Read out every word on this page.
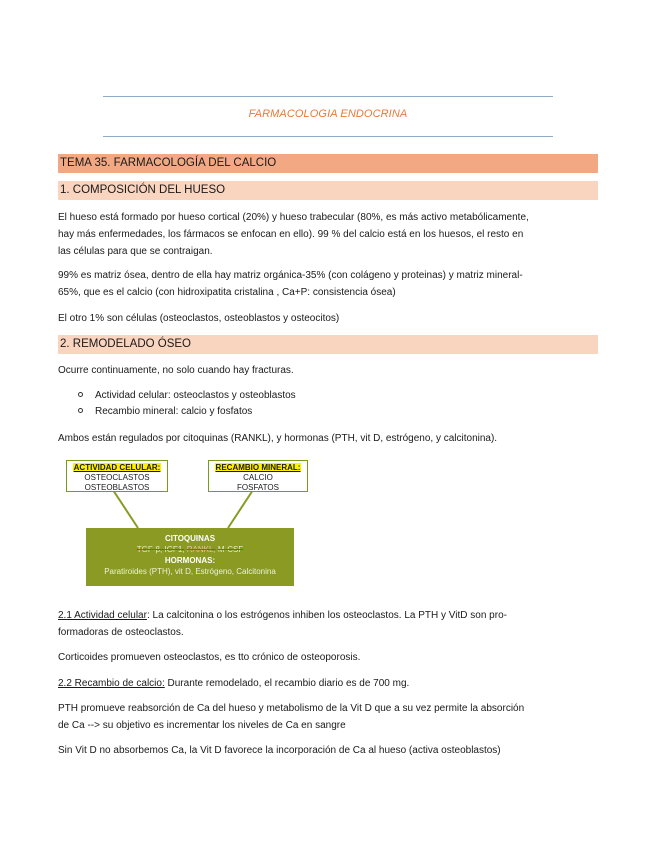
FARMACOLOGIA ENDOCRINA
TEMA 35. FARMACOLOGÍA DEL CALCIO
1. COMPOSICIÓN DEL HUESO
El hueso está formado por hueso cortical (20%) y hueso trabecular (80%, es más activo metabólicamente,
hay más enfermedades, los fármacos se enfocan en ello). 99 % del calcio está en los huesos, el resto en
las células para que se contraigan.
99% es matriz ósea, dentro de ella hay matriz orgánica-35% (con colágeno y proteinas) y matriz mineral-
65%, que es el calcio (con hidroxipatita cristalina , Ca+P: consistencia ósea)
El otro 1% son células (osteoclastos, osteoblastos y osteocitos)
2. REMODELADO ÓSEO
Ocurre continuamente, no solo cuando hay fracturas.
Actividad celular: osteoclastos y osteoblastos
Recambio mineral: calcio y fosfatos
Ambos están regulados por citoquinas (RANKL), y hormonas (PTH, vit D, estrógeno, y calcitonina).
ACTIVIDAD CELULAR:
OSTEOCLASTOS
OSTEOBLASTOS
RECAMBIO MINERAL:
CALCIO
FOSFATOS
CITOQUINAS
TGF-β, IGF1, RANKL, M-CSF
HORMONAS:
Paratiroides (PTH), vit D, Estrógeno, Calcitonina
2.1 Actividad celular: La calcitonina o los estrógenos inhiben los osteoclastos. La PTH y VitD son pro-
formadoras de osteoclastos.
Corticoides promueven osteoclastos, es tto crónico de osteoporosis.
2.2 Recambio de calcio: Durante remodelado, el recambio diario es de 700 mg.
PTH promueve reabsorción de Ca del hueso y metabolismo de la Vit D que a su vez permite la absorción
de Ca --> su objetivo es incrementar los niveles de Ca en sangre
Sin Vit D no absorbemos Ca, la Vit D favorece la incorporación de Ca al hueso (activa osteoblastos)
